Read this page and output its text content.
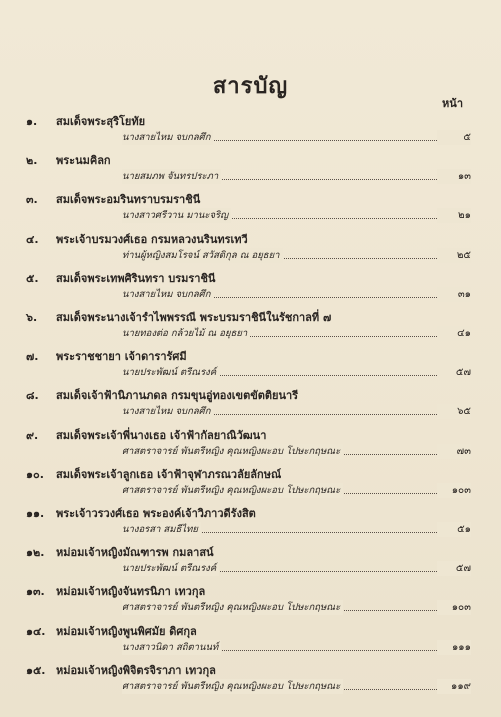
สารบัญ
หน้า
๑. สมเด็จพระสุริโยทัย
นางสายไหม จบกลศึก	๕
๒. พระนมคิลก
นายสมภพ จันทรประภา	๑๓
๓. สมเด็จพระอมรินทราบรมราชินี
นางสาวศรีวาน มานะจริญ	๒๑
๔. พระเจ้าบรมวงศ์เธอ กรมหลวงนรินทรเทวี
ท่านผู้หญิงสมโรจน์ สวัสดิกุล ณ อยุธยา	๒๕
๕. สมเด็จพระเทพศิรินทรา บรมราชินี
นางสายไหม จบกลศึก	๓๑
๖. สมเด็จพระนางเจ้ารำไพพรรณี พระบรมราชินีในรัชกาลที่ ๗
นายทองต่อ กล้วยไม้ ณ อยุธยา	๔๑
๗. พระราชชายา เจ้าดารารัศมี
นายประพัฒน์ ตรีณรงค์	๕๗
๘. สมเด็จเจ้าฟ้านิภานภดล กรมขุนอู่ทองเขตขัตติยนารี
นางสายไหม จบกลศึก	๖๕
๙. สมเด็จพระเจ้าพี่นางเธอ เจ้าฟ้ากัลยาณิวัฒนา
ศาสตราจารย์ พันตรีหญิง คุณหญิงผะอบ โปษะกฤษณะ	๗๓
๑๐. สมเด็จพระเจ้าลูกเธอ เจ้าฟ้าจุฬาภรณวลัยลักษณ์
ศาสตราจารย์ พันตรีหญิง คุณหญิงผะอบ โปษะกฤษณะ	๑๐๓
๑๑. พระเจ้าวรวงศ์เธอ พระองค์เจ้าวิภาวดีรังสิต
นางอรสา สมธีไทย	๕๑
๑๒. หม่อมเจ้าหญิงมัณฑารพ กมลาสน์
นายประพัฒน์ ตรีณรงค์	๕๗
๑๓. หม่อมเจ้าหญิงจันทรนิภา เทวกุล
ศาสตราจารย์ พันตรีหญิง คุณหญิงผะอบ โปษะกฤษณะ	๑๐๓
๑๔. หม่อมเจ้าหญิงพูนพิศมัย ดิศกุล
นางสาวนิดา สถิตานนท์	๑๑๑
๑๕. หม่อมเจ้าหญิงพิจิตรจิราภา เทวกุล
ศาสตราจารย์ พันตรีหญิง คุณหญิงผะอบ โปษะกฤษณะ	๑๑๙
